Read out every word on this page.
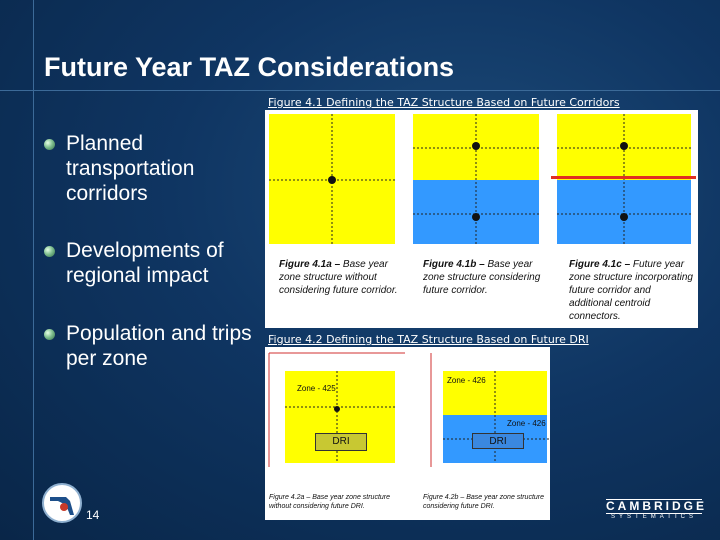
Future Year TAZ Considerations
Planned transportation corridors
Developments of regional impact
Population and trips per zone
Figure 4.1 Defining the TAZ Structure Based on Future Corridors
Figure 4.1a – Base year zone structure without considering future corridor.
Figure 4.1b – Base year zone structure considering future corridor.
Figure 4.1c – Future year zone structure incorporating future corridor and additional centroid connectors.
Figure 4.2 Defining the TAZ Structure Based on Future DRI
Zone - 425
DRI
Zone - 426
Zone - 426
DRI
Figure 4.2a – Base year zone structure without considering future DRI.
Figure 4.2b – Base year zone structure considering future DRI.
14
CAMBRIDGE
SYSTEMATICS
